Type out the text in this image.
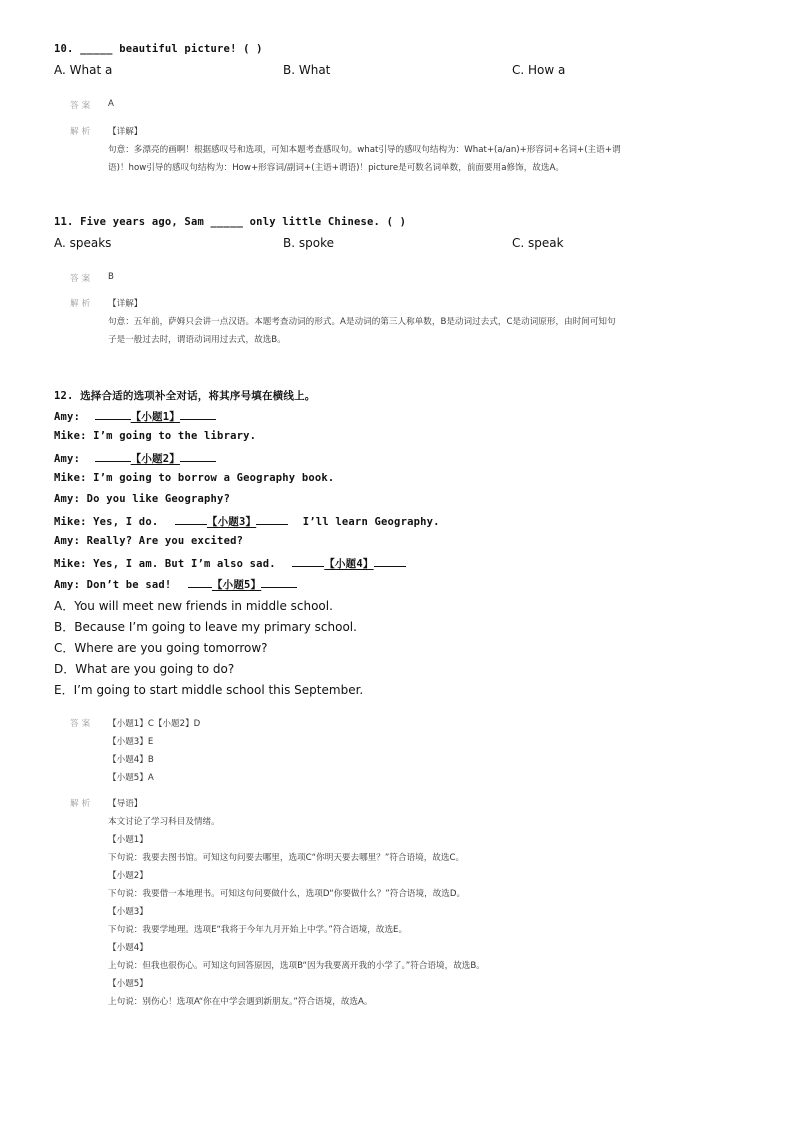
10. _____ beautiful picture! ( )
A. What a	B. What	C. How a
答案 A
解析 【详解】
句意：多漂亮的画啊！根据感叹号和选项，可知本题考查感叹句。what引导的感叹句结构为：What+(a/an)+形容词+名词+(主语+谓
语)！how引导的感叹句结构为：How+形容词/副词+(主语+谓语)！picture是可数名词单数，前面要用a修饰，故选A。
11. Five years ago, Sam _____ only little Chinese. ( )
A. speaks	B. spoke	C. speak
答案 B
解析 【详解】
句意：五年前，萨姆只会讲一点汉语。本题考查动词的形式。A是动词的第三人称单数，B是动词过去式，C是动词原形，由时间可知句
子是一般过去时，谓语动词用过去式，故选B。
12. 选择合适的选项补全对话，将其序号填在横线上。
Amy:	【小题1】
Mike: I’m going to the library.
Amy:	【小题2】
Mike: I’m going to borrow a Geography book.
Amy: Do you like Geography?
Mike: Yes, I do.	【小题3】	I’ll learn Geography.
Amy: Really? Are you excited?
Mike: Yes, I am. But I’m also sad.	【小题4】
Amy: Don’t be sad!	【小题5】
A．You will meet new friends in middle school.
B．Because I’m going to leave my primary school.
C．Where are you going tomorrow?
D．What are you going to do?
E．I’m going to start middle school this September.
答案 【小题1】C【小题2】D
【小题3】E
【小题4】B
【小题5】A
解析 【导语】
本文讨论了学习科目及情绪。
【小题1】
下句说：我要去图书馆。可知这句问要去哪里，选项C“你明天要去哪里？”符合语境，故选C。
【小题2】
下句说：我要借一本地理书。可知这句问要做什么，选项D“你要做什么？”符合语境，故选D。
【小题3】
下句说：我要学地理。选项E“我将于今年九月开始上中学。”符合语境，故选E。
【小题4】
上句说：但我也很伤心。可知这句回答原因，选项B“因为我要离开我的小学了。”符合语境，故选B。
【小题5】
上句说：别伤心！选项A“你在中学会遇到新朋友。”符合语境，故选A。
